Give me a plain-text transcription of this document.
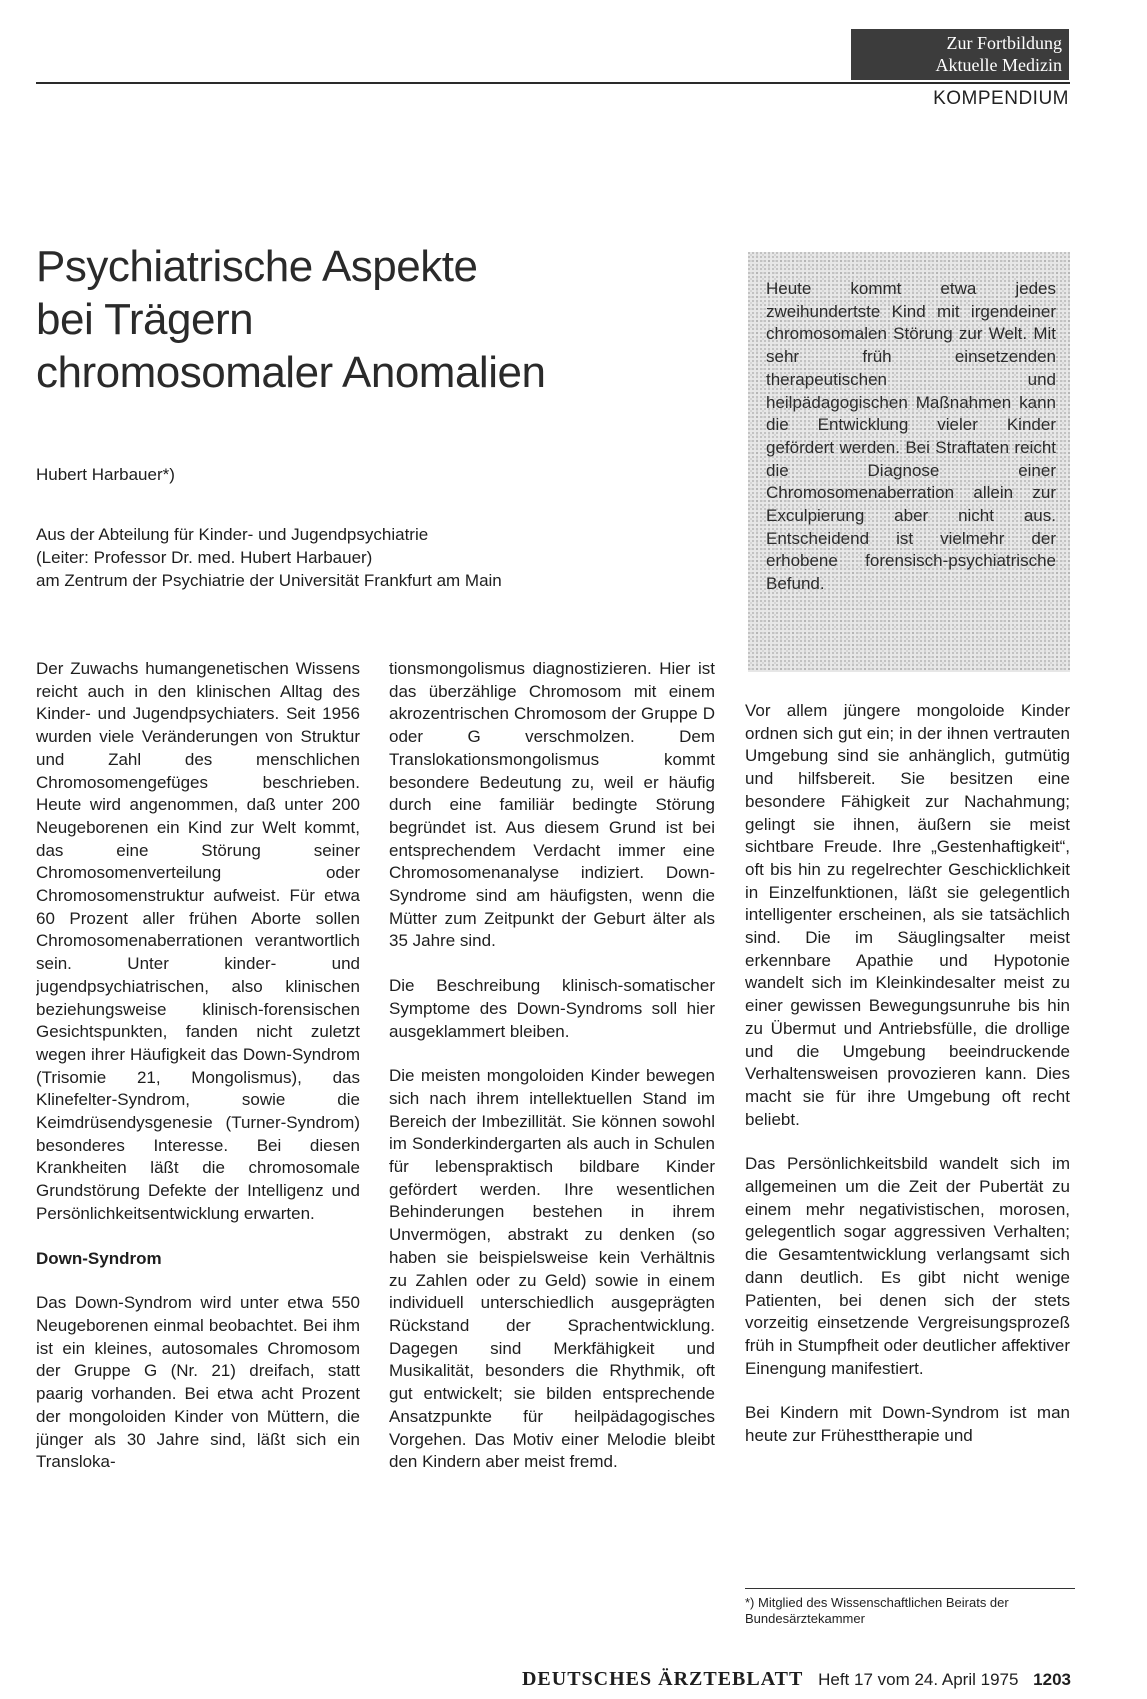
Zur Fortbildung
Aktuelle Medizin
KOMPENDIUM
Psychiatrische Aspekte
bei Trägern
chromosomaler Anomalien
Hubert Harbauer*)
Aus der Abteilung für Kinder- und Jugendpsychiatrie
(Leiter: Professor Dr. med. Hubert Harbauer)
am Zentrum der Psychiatrie der Universität Frankfurt am Main
Heute kommt etwa jedes zweihundertste Kind mit irgendeiner chromosomalen Störung zur Welt. Mit sehr früh einsetzenden therapeutischen und heilpädagogischen Maßnahmen kann die Entwicklung vieler Kinder gefördert werden. Bei Straftaten reicht die Diagnose einer Chromosomenaberration allein zur Exculpierung aber nicht aus. Entscheidend ist vielmehr der erhobene forensisch-psychiatrische Befund.

Der Zuwachs humangenetischen Wissens reicht auch in den klinischen Alltag des Kinder- und Jugendpsychiaters. Seit 1956 wurden viele Veränderungen von Struktur und Zahl des menschlichen Chromosomengefüges beschrieben. Heute wird angenommen, daß unter 200 Neugeborenen ein Kind zur Welt kommt, das eine Störung seiner Chromosomenverteilung oder Chromosomenstruktur aufweist. Für etwa 60 Prozent aller frühen Aborte sollen Chromosomenaberrationen verantwortlich sein. Unter kinder- und jugendpsychiatrischen, also klinischen beziehungsweise klinisch-forensischen Gesichtspunkten, fanden nicht zuletzt wegen ihrer Häufigkeit das Down-Syndrom (Trisomie 21, Mongolismus), das Klinefelter-Syndrom, sowie die Keimdrüsendysgenesie (Turner-Syndrom) besonderes Interesse. Bei diesen Krankheiten läßt die chromosomale Grundstörung Defekte der Intelligenz und Persönlichkeitsentwicklung erwarten.

Down-Syndrom

Das Down-Syndrom wird unter etwa 550 Neugeborenen einmal beobachtet. Bei ihm ist ein kleines, autosomales Chromosom der Gruppe G (Nr. 21) dreifach, statt paarig vorhanden. Bei etwa acht Prozent der mongoloiden Kinder von Müttern, die jünger als 30 Jahre sind, läßt sich ein Transloka-

tionsmongolismus diagnostizieren. Hier ist das überzählige Chromosom mit einem akrozentrischen Chromosom der Gruppe D oder G verschmolzen. Dem Translokationsmongolismus kommt besondere Bedeutung zu, weil er häufig durch eine familiär bedingte Störung begründet ist. Aus diesem Grund ist bei entsprechendem Verdacht immer eine Chromosomenanalyse indiziert. Down-Syndrome sind am häufigsten, wenn die Mütter zum Zeitpunkt der Geburt älter als 35 Jahre sind.

Die Beschreibung klinisch-somatischer Symptome des Down-Syndroms soll hier ausgeklammert bleiben.

Die meisten mongoloiden Kinder bewegen sich nach ihrem intellektuellen Stand im Bereich der Imbezillität. Sie können sowohl im Sonderkindergarten als auch in Schulen für lebenspraktisch bildbare Kinder gefördert werden. Ihre wesentlichen Behinderungen bestehen in ihrem Unvermögen, abstrakt zu denken (so haben sie beispielsweise kein Verhältnis zu Zahlen oder zu Geld) sowie in einem individuell unterschiedlich ausgeprägten Rückstand der Sprachentwicklung. Dagegen sind Merkfähigkeit und Musikalität, besonders die Rhythmik, oft gut entwickelt; sie bilden entsprechende Ansatzpunkte für heilpädagogisches Vorgehen. Das Motiv einer Melodie bleibt den Kindern aber meist fremd.

Vor allem jüngere mongoloide Kinder ordnen sich gut ein; in der ihnen vertrauten Umgebung sind sie anhänglich, gutmütig und hilfsbereit. Sie besitzen eine besondere Fähigkeit zur Nachahmung; gelingt sie ihnen, äußern sie meist sichtbare Freude. Ihre „Gestenhaftigkeit“, oft bis hin zu regelrechter Geschicklichkeit in Einzelfunktionen, läßt sie gelegentlich intelligenter erscheinen, als sie tatsächlich sind. Die im Säuglingsalter meist erkennbare Apathie und Hypotonie wandelt sich im Kleinkindesalter meist zu einer gewissen Bewegungsunruhe bis hin zu Übermut und Antriebsfülle, die drollige und die Umgebung beeindruckende Verhaltensweisen provozieren kann. Dies macht sie für ihre Umgebung oft recht beliebt.

Das Persönlichkeitsbild wandelt sich im allgemeinen um die Zeit der Pubertät zu einem mehr negativistischen, morosen, gelegentlich sogar aggressiven Verhalten; die Gesamtentwicklung verlangsamt sich dann deutlich. Es gibt nicht wenige Patienten, bei denen sich der stets vorzeitig einsetzende Vergreisungsprozeß früh in Stumpfheit oder deutlicher affektiver Einengung manifestiert.

Bei Kindern mit Down-Syndrom ist man heute zur Frühesttherapie und

*) Mitglied des Wissenschaftlichen Beirats der Bundesärztekammer
DEUTSCHES ÄRZTEBLATT Heft 17 vom 24. April 1975 1203
